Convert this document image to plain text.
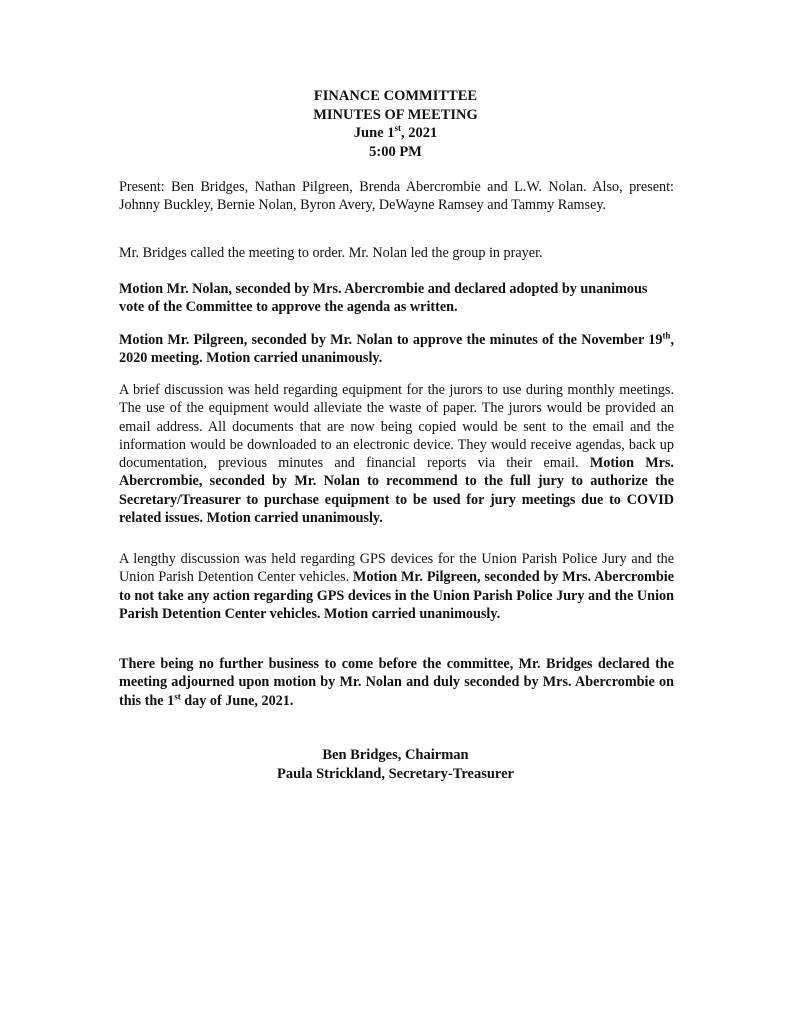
FINANCE COMMITTEE
MINUTES OF MEETING
June 1st, 2021
5:00 PM

Present: Ben Bridges, Nathan Pilgreen, Brenda Abercrombie and L.W. Nolan. Also, present: Johnny Buckley, Bernie Nolan, Byron Avery, DeWayne Ramsey and Tammy Ramsey.

Mr. Bridges called the meeting to order. Mr. Nolan led the group in prayer.

Motion Mr. Nolan, seconded by Mrs. Abercrombie and declared adopted by unanimous vote of the Committee to approve the agenda as written.

Motion Mr. Pilgreen, seconded by Mr. Nolan to approve the minutes of the November 19th, 2020 meeting. Motion carried unanimously.

A brief discussion was held regarding equipment for the jurors to use during monthly meetings. The use of the equipment would alleviate the waste of paper. The jurors would be provided an email address. All documents that are now being copied would be sent to the email and the information would be downloaded to an electronic device. They would receive agendas, back up documentation, previous minutes and financial reports via their email. Motion Mrs. Abercrombie, seconded by Mr. Nolan to recommend to the full jury to authorize the Secretary/Treasurer to purchase equipment to be used for jury meetings due to COVID related issues. Motion carried unanimously.

A lengthy discussion was held regarding GPS devices for the Union Parish Police Jury and the Union Parish Detention Center vehicles. Motion Mr. Pilgreen, seconded by Mrs. Abercrombie to not take any action regarding GPS devices in the Union Parish Police Jury and the Union Parish Detention Center vehicles. Motion carried unanimously.

There being no further business to come before the committee, Mr. Bridges declared the meeting adjourned upon motion by Mr. Nolan and duly seconded by Mrs. Abercrombie on this the 1st day of June, 2021.

Ben Bridges, Chairman
Paula Strickland, Secretary-Treasurer
